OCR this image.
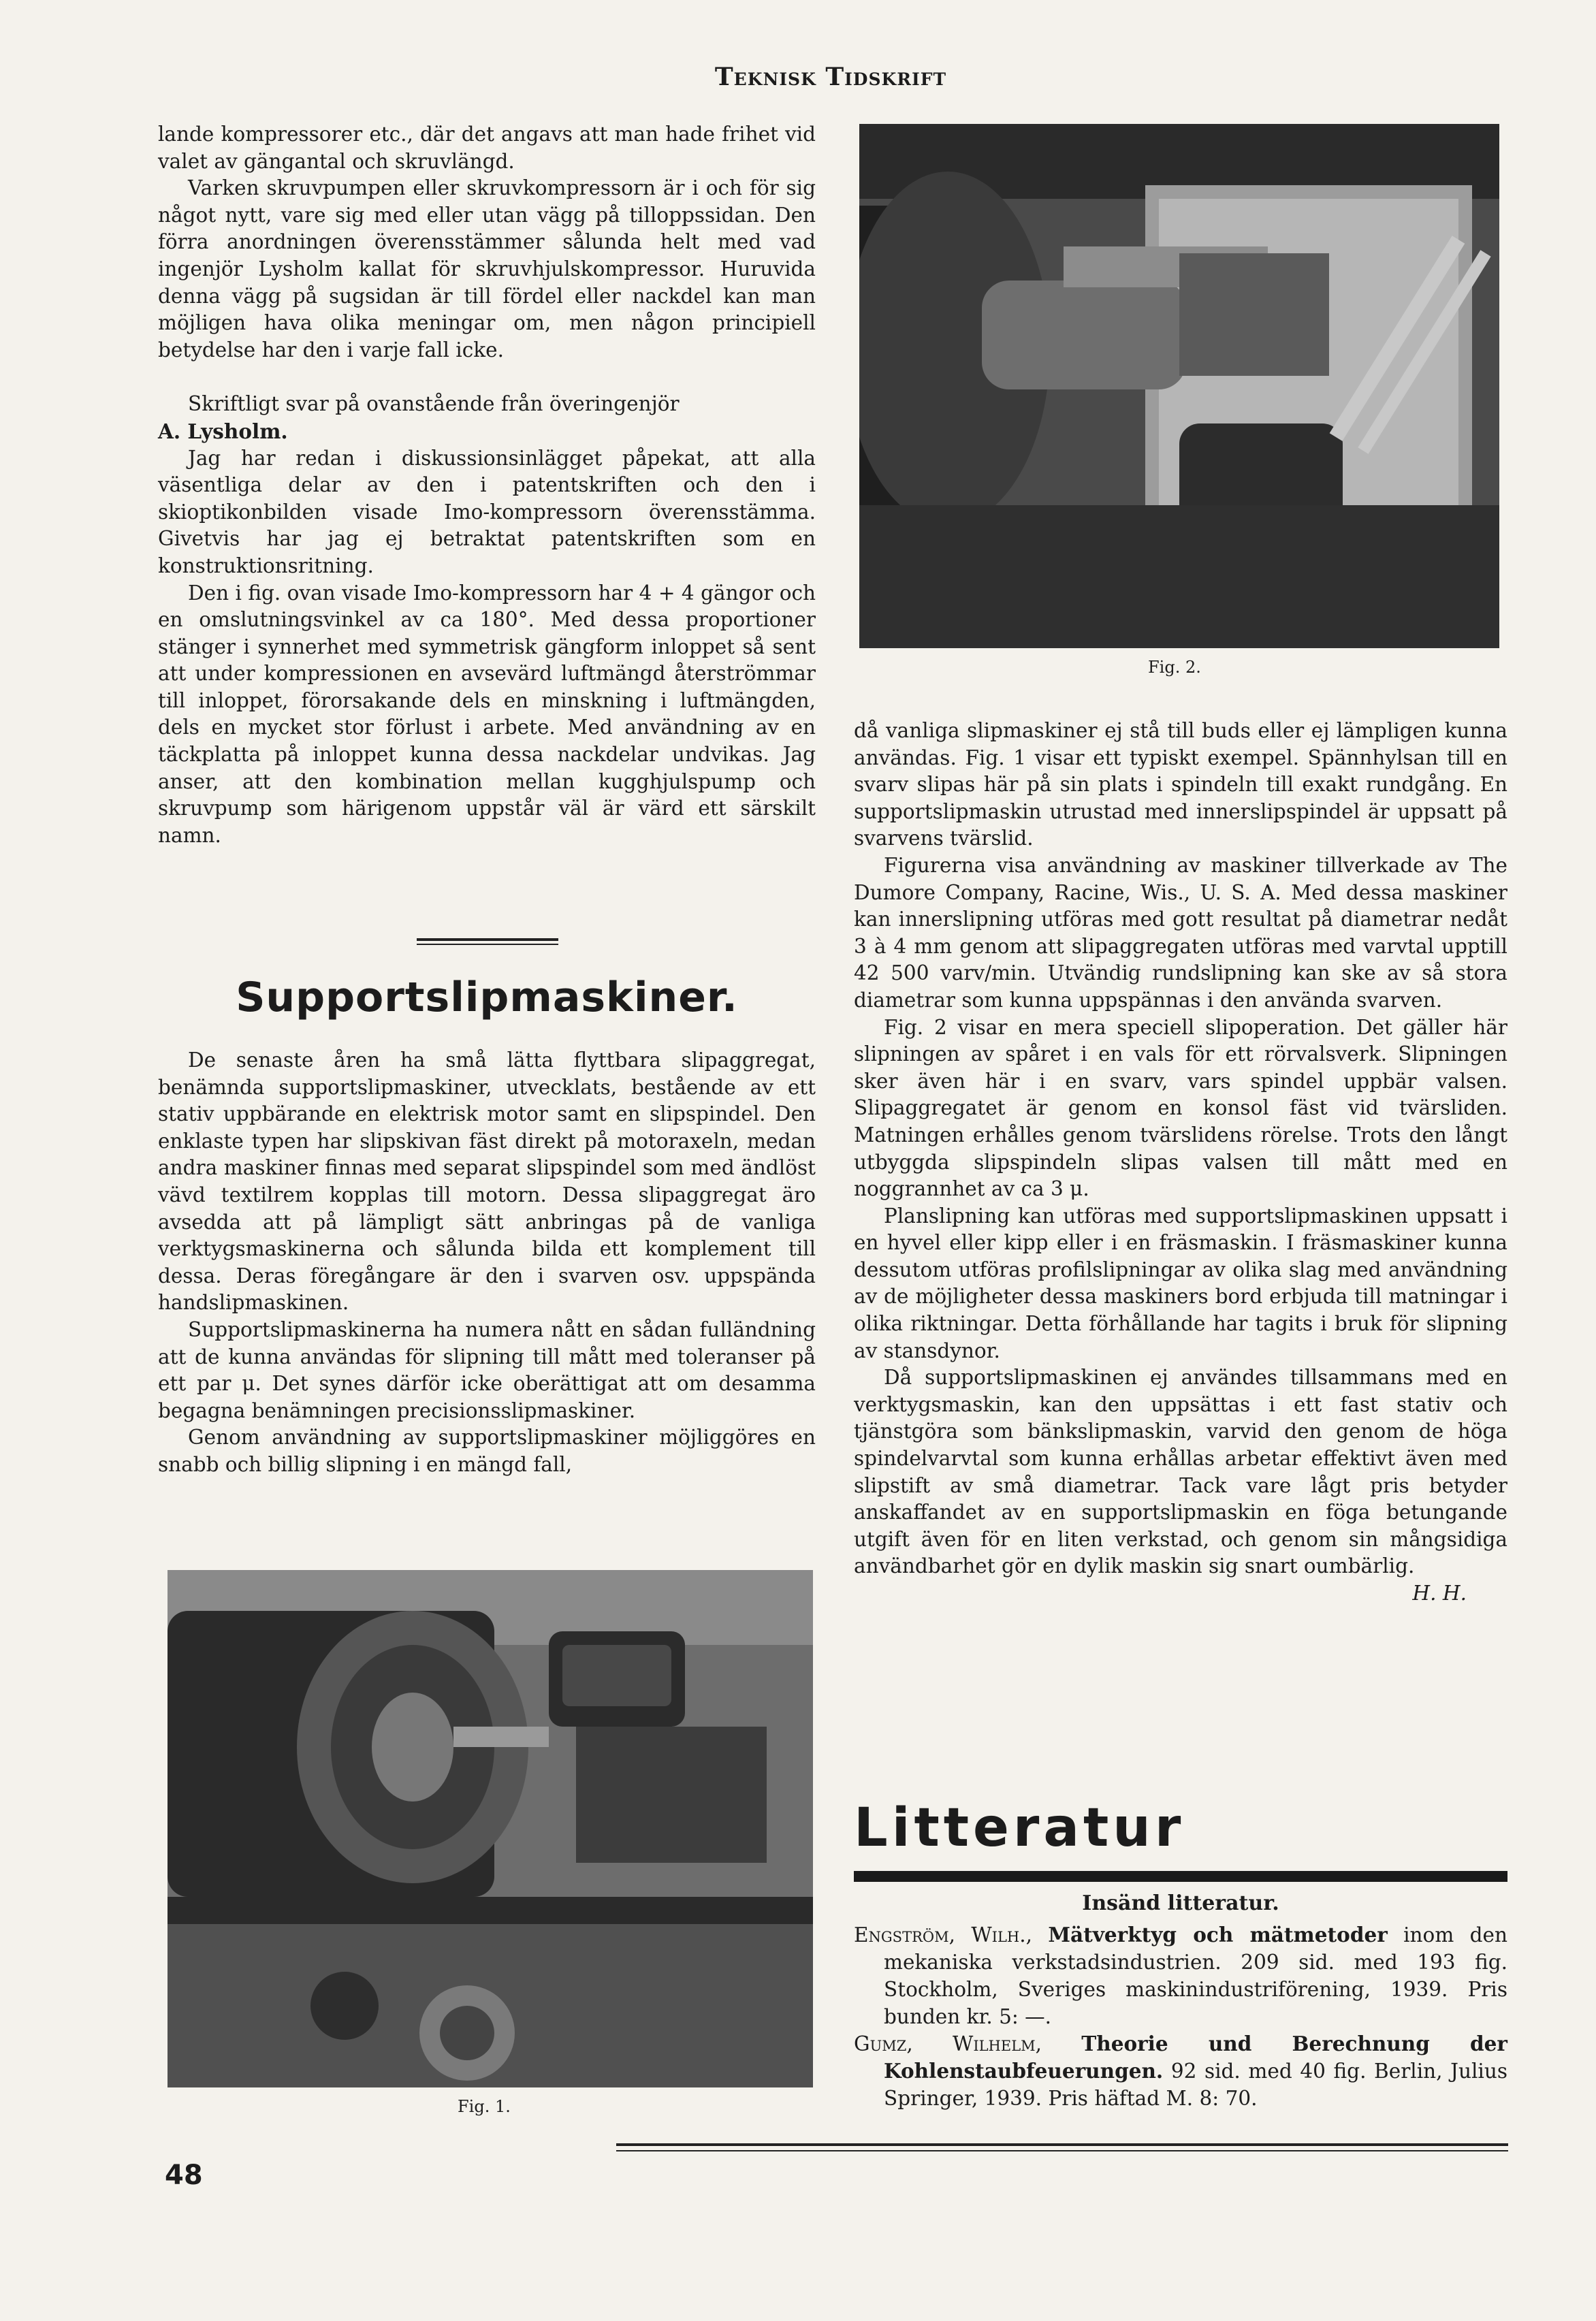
Teknisk Tidskrift

lande kompressorer etc., där det angavs att man hade frihet vid valet av gängantal och skruvlängd.

Varken skruvpumpen eller skruvkompressorn är i och för sig något nytt, vare sig med eller utan vägg på tilloppssidan. Den förra anordningen överensstämmer sålunda helt med vad ingenjör Lysholm kallat för skruvhjulskompressor. Huruvida denna vägg på sugsidan är till fördel eller nackdel kan man möjligen hava olika meningar om, men någon principiell betydelse har den i varje fall icke.

Skriftligt svar på ovanstående från överingenjör

A. Lysholm.

Jag har redan i diskussionsinlägget påpekat, att alla väsentliga delar av den i patentskriften och den i skioptikonbilden visade Imo-kompressorn överensstämma. Givetvis har jag ej betraktat patentskriften som en konstruktionsritning.

Den i fig. ovan visade Imo-kompressorn har 4 + 4 gängor och en omslutningsvinkel av ca 180°. Med dessa proportioner stänger i synnerhet med symmetrisk gängform inloppet så sent att under kompressionen en avsevärd luftmängd återströmmar till inloppet, förorsakande dels en minskning i luftmängden, dels en mycket stor förlust i arbete. Med användning av en täckplatta på inloppet kunna dessa nackdelar undvikas. Jag anser, att den kombination mellan kugghjulspump och skruvpump som härigenom uppstår väl är värd ett särskilt namn.

Supportslipmaskiner.

De senaste åren ha små lätta flyttbara slipaggregat, benämnda supportslipmaskiner, utvecklats, bestående av ett stativ uppbärande en elektrisk motor samt en slipspindel. Den enklaste typen har slipskivan fäst direkt på motoraxeln, medan andra maskiner finnas med separat slipspindel som med ändlöst vävd textilrem kopplas till motorn. Dessa slipaggregat äro avsedda att på lämpligt sätt anbringas på de vanliga verktygsmaskinerna och sålunda bilda ett komplement till dessa. Deras föregångare är den i svarven osv. uppspända handslipmaskinen.

Supportslipmaskinerna ha numera nått en sådan fulländning att de kunna användas för slipning till mått med toleranser på ett par μ. Det synes därför icke oberättigat att om desamma begagna benämningen precisionsslipmaskiner.

Genom användning av supportslipmaskiner möjliggöres en snabb och billig slipning i en mängd fall,

Fig. 1.
Fig. 2.

då vanliga slipmaskiner ej stå till buds eller ej lämpligen kunna användas. Fig. 1 visar ett typiskt exempel. Spännhylsan till en svarv slipas här på sin plats i spindeln till exakt rundgång. En supportslipmaskin utrustad med innerslipspindel är uppsatt på svarvens tvärslid.

Figurerna visa användning av maskiner tillverkade av The Dumore Company, Racine, Wis., U. S. A. Med dessa maskiner kan innerslipning utföras med gott resultat på diametrar nedåt 3 à 4 mm genom att slipaggregaten utföras med varvtal upptill 42 500 varv/min. Utvändig rundslipning kan ske av så stora diametrar som kunna uppspännas i den använda svarven.

Fig. 2 visar en mera speciell slipoperation. Det gäller här slipningen av spåret i en vals för ett rörvalsverk. Slipningen sker även här i en svarv, vars spindel uppbär valsen. Slipaggregatet är genom en konsol fäst vid tvärsliden. Matningen erhålles genom tvärslidens rörelse. Trots den långt utbyggda slipspindeln slipas valsen till mått med en noggrannhet av ca 3 μ.

Planslipning kan utföras med supportslipmaskinen uppsatt i en hyvel eller kipp eller i en fräsmaskin. I fräsmaskiner kunna dessutom utföras profilslipningar av olika slag med användning av de möjligheter dessa maskiners bord erbjuda till matningar i olika riktningar. Detta förhållande har tagits i bruk för slipning av stansdynor.

Då supportslipmaskinen ej användes tillsammans med en verktygsmaskin, kan den uppsättas i ett fast stativ och tjänstgöra som bänkslipmaskin, varvid den genom de höga spindelvarvtal som kunna erhållas arbetar effektivt även med slipstift av små diametrar. Tack vare lågt pris betyder anskaffandet av en supportslipmaskin en föga betungande utgift även för en liten verkstad, och genom sin mångsidiga användbarhet gör en dylik maskin sig snart oumbärlig.

H. H.

Litteratur
Insänd litteratur.

Engström, Wilh., Mätverktyg och mätmetoder inom den mekaniska verkstadsindustrien. 209 sid. med 193 fig. Stockholm, Sveriges maskinindustriförening, 1939. Pris bunden kr. 5: —.

Gumz, Wilhelm, Theorie und Berechnung der Kohlenstaubfeuerungen. 92 sid. med 40 fig. Berlin, Julius Springer, 1939. Pris häftad M. 8: 70.

48
